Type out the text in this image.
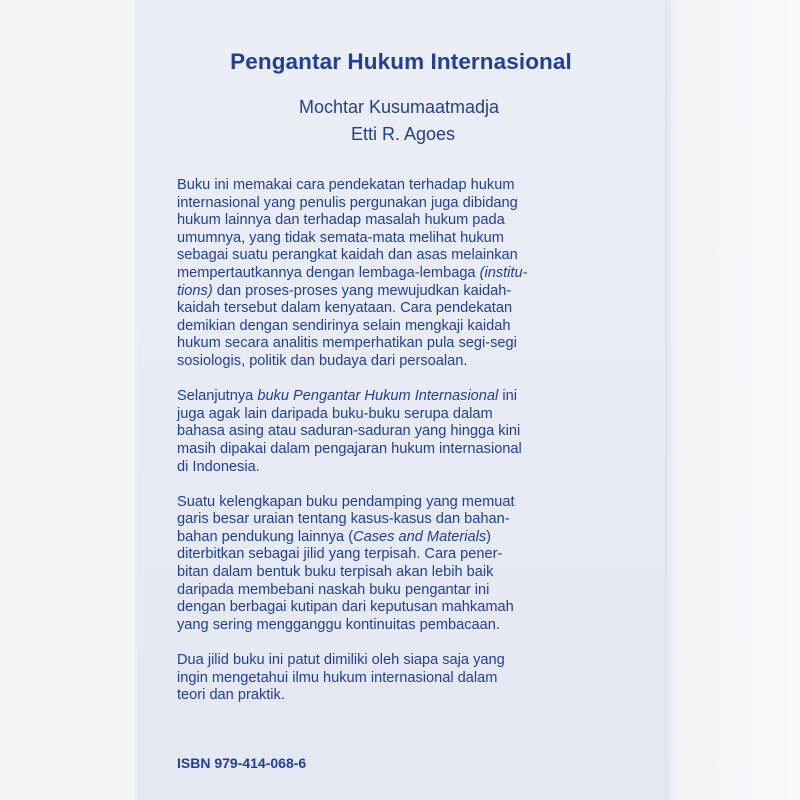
Pengantar Hukum Internasional
Mochtar Kusumaatmadja
Etti R. Agoes
Buku ini memakai cara pendekatan terhadap hukum
internasional yang penulis pergunakan juga dibidang
hukum lainnya dan terhadap masalah hukum pada
umumnya, yang tidak semata-mata melihat hukum
sebagai suatu perangkat kaidah dan asas melainkan
mempertautkannya dengan lembaga-lembaga (institu-
tions) dan proses-proses yang mewujudkan kaidah-
kaidah tersebut dalam kenyataan. Cara pendekatan
demikian dengan sendirinya selain mengkaji kaidah
hukum secara analitis memperhatikan pula segi-segi
sosiologis, politik dan budaya dari persoalan.
Selanjutnya buku Pengantar Hukum Internasional ini
juga agak lain daripada buku-buku serupa dalam
bahasa asing atau saduran-saduran yang hingga kini
masih dipakai dalam pengajaran hukum internasional
di Indonesia.
Suatu kelengkapan buku pendamping yang memuat
garis besar uraian tentang kasus-kasus dan bahan-
bahan pendukung lainnya (Cases and Materials)
diterbitkan sebagai jilid yang terpisah. Cara pener-
bitan dalam bentuk buku terpisah akan lebih baik
daripada membebani naskah buku pengantar ini
dengan berbagai kutipan dari keputusan mahkamah
yang sering mengganggu kontinuitas pembacaan.
Dua jilid buku ini patut dimiliki oleh siapa saja yang
ingin mengetahui ilmu hukum internasional dalam
teori dan praktik.
ISBN 979-414-068-6
